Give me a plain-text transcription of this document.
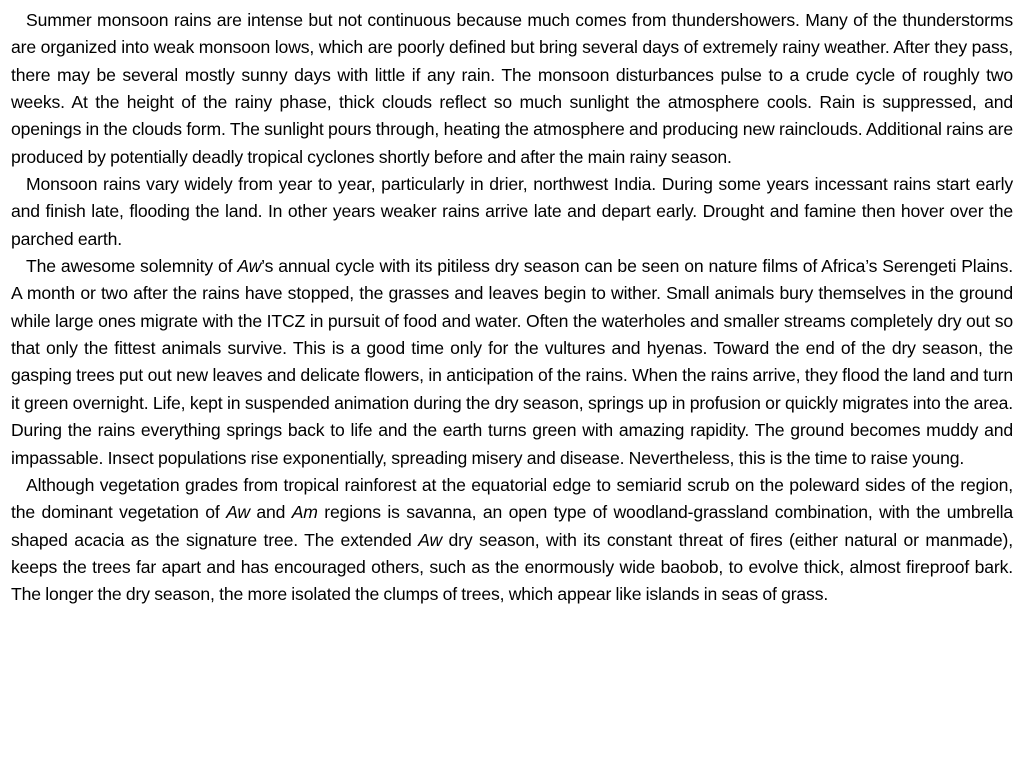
Summer monsoon rains are intense but not continuous because much comes from thundershowers. Many of the thunderstorms are organized into weak monsoon lows, which are poorly defined but bring several days of extremely rainy weather. After they pass, there may be several mostly sunny days with little if any rain. The monsoon disturbances pulse to a crude cycle of roughly two weeks. At the height of the rainy phase, thick clouds reflect so much sunlight the atmosphere cools. Rain is suppressed, and openings in the clouds form. The sunlight pours through, heating the atmosphere and producing new rainclouds. Additional rains are produced by potentially deadly tropical cyclones shortly before and after the main rainy season.

Monsoon rains vary widely from year to year, particularly in drier, northwest India. During some years incessant rains start early and finish late, flooding the land. In other years weaker rains arrive late and depart early. Drought and famine then hover over the parched earth.

The awesome solemnity of Aw’s annual cycle with its pitiless dry season can be seen on nature films of Africa’s Serengeti Plains. A month or two after the rains have stopped, the grasses and leaves begin to wither. Small animals bury themselves in the ground while large ones migrate with the ITCZ in pursuit of food and water. Often the waterholes and smaller streams completely dry out so that only the fittest animals survive. This is a good time only for the vultures and hyenas. Toward the end of the dry season, the gasping trees put out new leaves and delicate flowers, in anticipation of the rains. When the rains arrive, they flood the land and turn it green overnight. Life, kept in suspended animation during the dry season, springs up in profusion or quickly migrates into the area. During the rains everything springs back to life and the earth turns green with amazing rapidity. The ground becomes muddy and impassable. Insect populations rise exponentially, spreading misery and disease. Nevertheless, this is the time to raise young.

Although vegetation grades from tropical rainforest at the equatorial edge to semiarid scrub on the poleward sides of the region, the dominant vegetation of Aw and Am regions is savanna, an open type of woodland-grassland combination, with the umbrella shaped acacia as the signature tree. The extended Aw dry season, with its constant threat of fires (either natural or manmade), keeps the trees far apart and has encouraged others, such as the enormously wide baobob, to evolve thick, almost fireproof bark. The longer the dry season, the more isolated the clumps of trees, which appear like islands in seas of grass.
